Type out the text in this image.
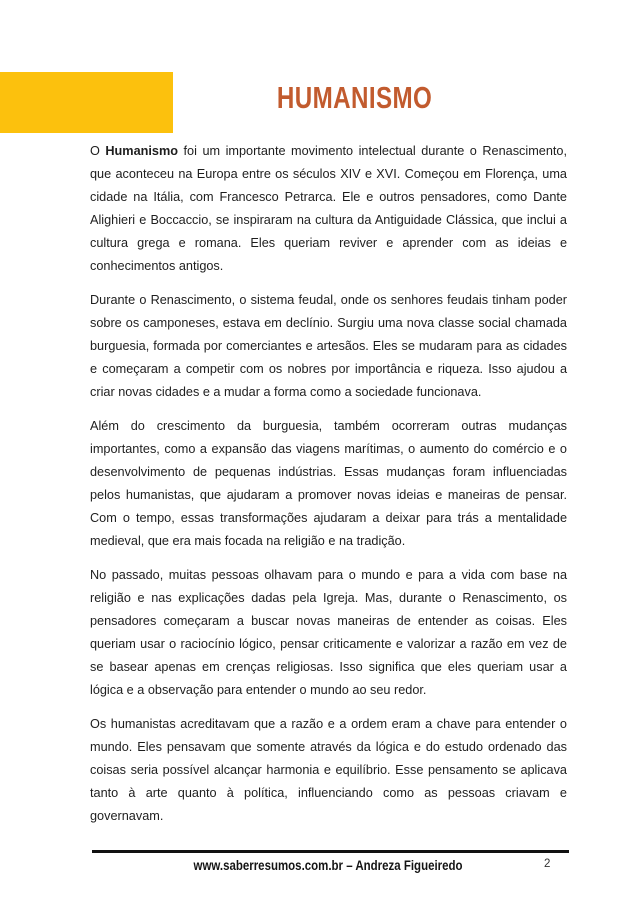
HUMANISMO

O Humanismo foi um importante movimento intelectual durante o Renascimento, que aconteceu na Europa entre os séculos XIV e XVI. Começou em Florença, uma cidade na Itália, com Francesco Petrarca. Ele e outros pensadores, como Dante Alighieri e Boccaccio, se inspiraram na cultura da Antiguidade Clássica, que inclui a cultura grega e romana. Eles queriam reviver e aprender com as ideias e conhecimentos antigos.

Durante o Renascimento, o sistema feudal, onde os senhores feudais tinham poder sobre os camponeses, estava em declínio. Surgiu uma nova classe social chamada burguesia, formada por comerciantes e artesãos. Eles se mudaram para as cidades e começaram a competir com os nobres por importância e riqueza. Isso ajudou a criar novas cidades e a mudar a forma como a sociedade funcionava.

Além do crescimento da burguesia, também ocorreram outras mudanças importantes, como a expansão das viagens marítimas, o aumento do comércio e o desenvolvimento de pequenas indústrias. Essas mudanças foram influenciadas pelos humanistas, que ajudaram a promover novas ideias e maneiras de pensar. Com o tempo, essas transformações ajudaram a deixar para trás a mentalidade medieval, que era mais focada na religião e na tradição.

No passado, muitas pessoas olhavam para o mundo e para a vida com base na religião e nas explicações dadas pela Igreja. Mas, durante o Renascimento, os pensadores começaram a buscar novas maneiras de entender as coisas. Eles queriam usar o raciocínio lógico, pensar criticamente e valorizar a razão em vez de se basear apenas em crenças religiosas. Isso significa que eles queriam usar a lógica e a observação para entender o mundo ao seu redor.

Os humanistas acreditavam que a razão e a ordem eram a chave para entender o mundo. Eles pensavam que somente através da lógica e do estudo ordenado das coisas seria possível alcançar harmonia e equilíbrio. Esse pensamento se aplicava tanto à arte quanto à política, influenciando como as pessoas criavam e governavam.

www.saberresumos.com.br – Andreza Figueiredo	2
